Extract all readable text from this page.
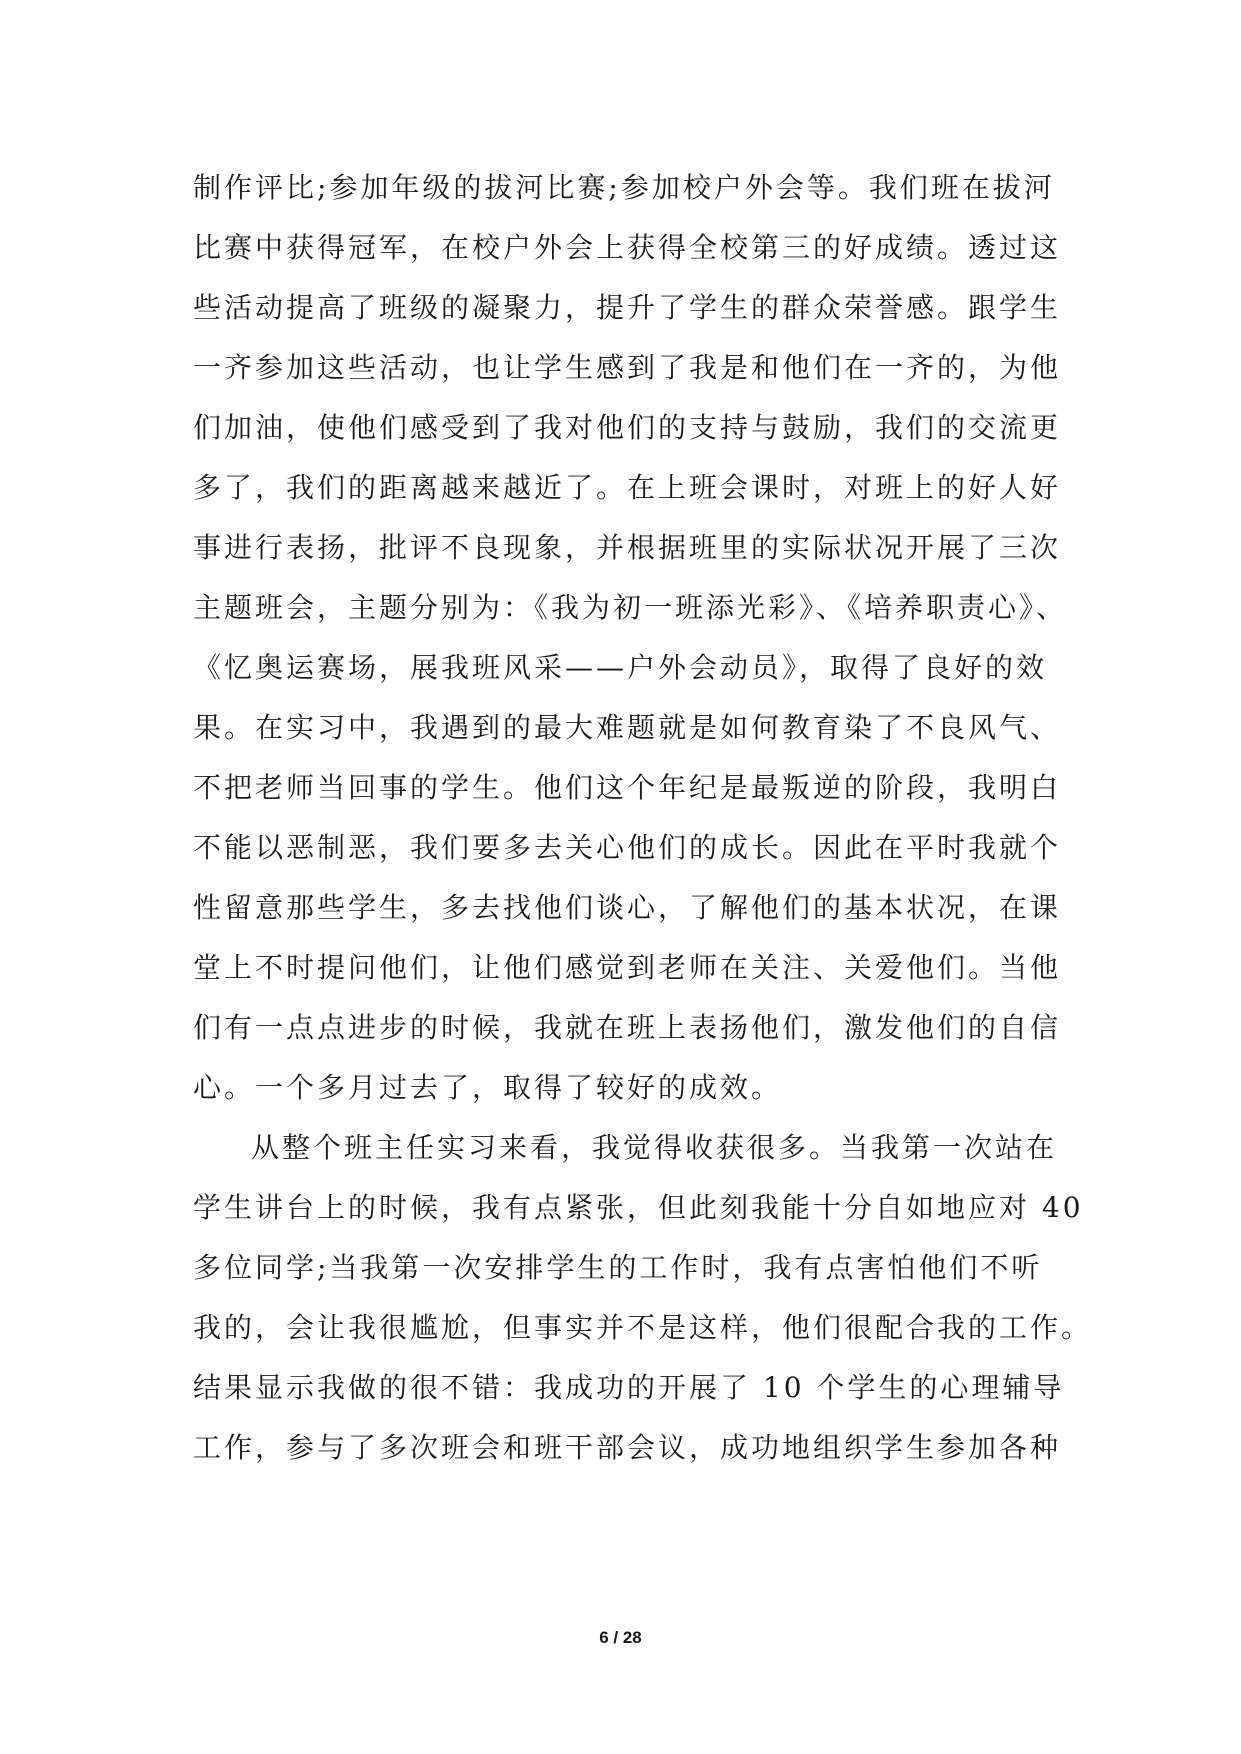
制作评比;参加年级的拔河比赛;参加校户外会等。我们班在拔河
比赛中获得冠军，在校户外会上获得全校第三的好成绩。透过这
些活动提高了班级的凝聚力，提升了学生的群众荣誉感。跟学生
一齐参加这些活动，也让学生感到了我是和他们在一齐的，为他
们加油，使他们感受到了我对他们的支持与鼓励，我们的交流更
多了，我们的距离越来越近了。在上班会课时，对班上的好人好
事进行表扬，批评不良现象，并根据班里的实际状况开展了三次
主题班会，主题分别为：《我为初一班添光彩》、《培养职责心》、
《忆奥运赛场，展我班风采——户外会动员》，取得了良好的效
果。在实习中，我遇到的最大难题就是如何教育染了不良风气、
不把老师当回事的学生。他们这个年纪是最叛逆的阶段，我明白
不能以恶制恶，我们要多去关心他们的成长。因此在平时我就个
性留意那些学生，多去找他们谈心，了解他们的基本状况，在课
堂上不时提问他们，让他们感觉到老师在关注、关爱他们。当他
们有一点点进步的时候，我就在班上表扬他们，激发他们的自信
心。一个多月过去了，取得了较好的成效。
从整个班主任实习来看，我觉得收获很多。当我第一次站在
学生讲台上的时候，我有点紧张，但此刻我能十分自如地应对 40
多位同学;当我第一次安排学生的工作时，我有点害怕他们不听
我的，会让我很尴尬，但事实并不是这样，他们很配合我的工作。
结果显示我做的很不错：我成功的开展了 10 个学生的心理辅导
工作，参与了多次班会和班干部会议，成功地组织学生参加各种
6 / 28
